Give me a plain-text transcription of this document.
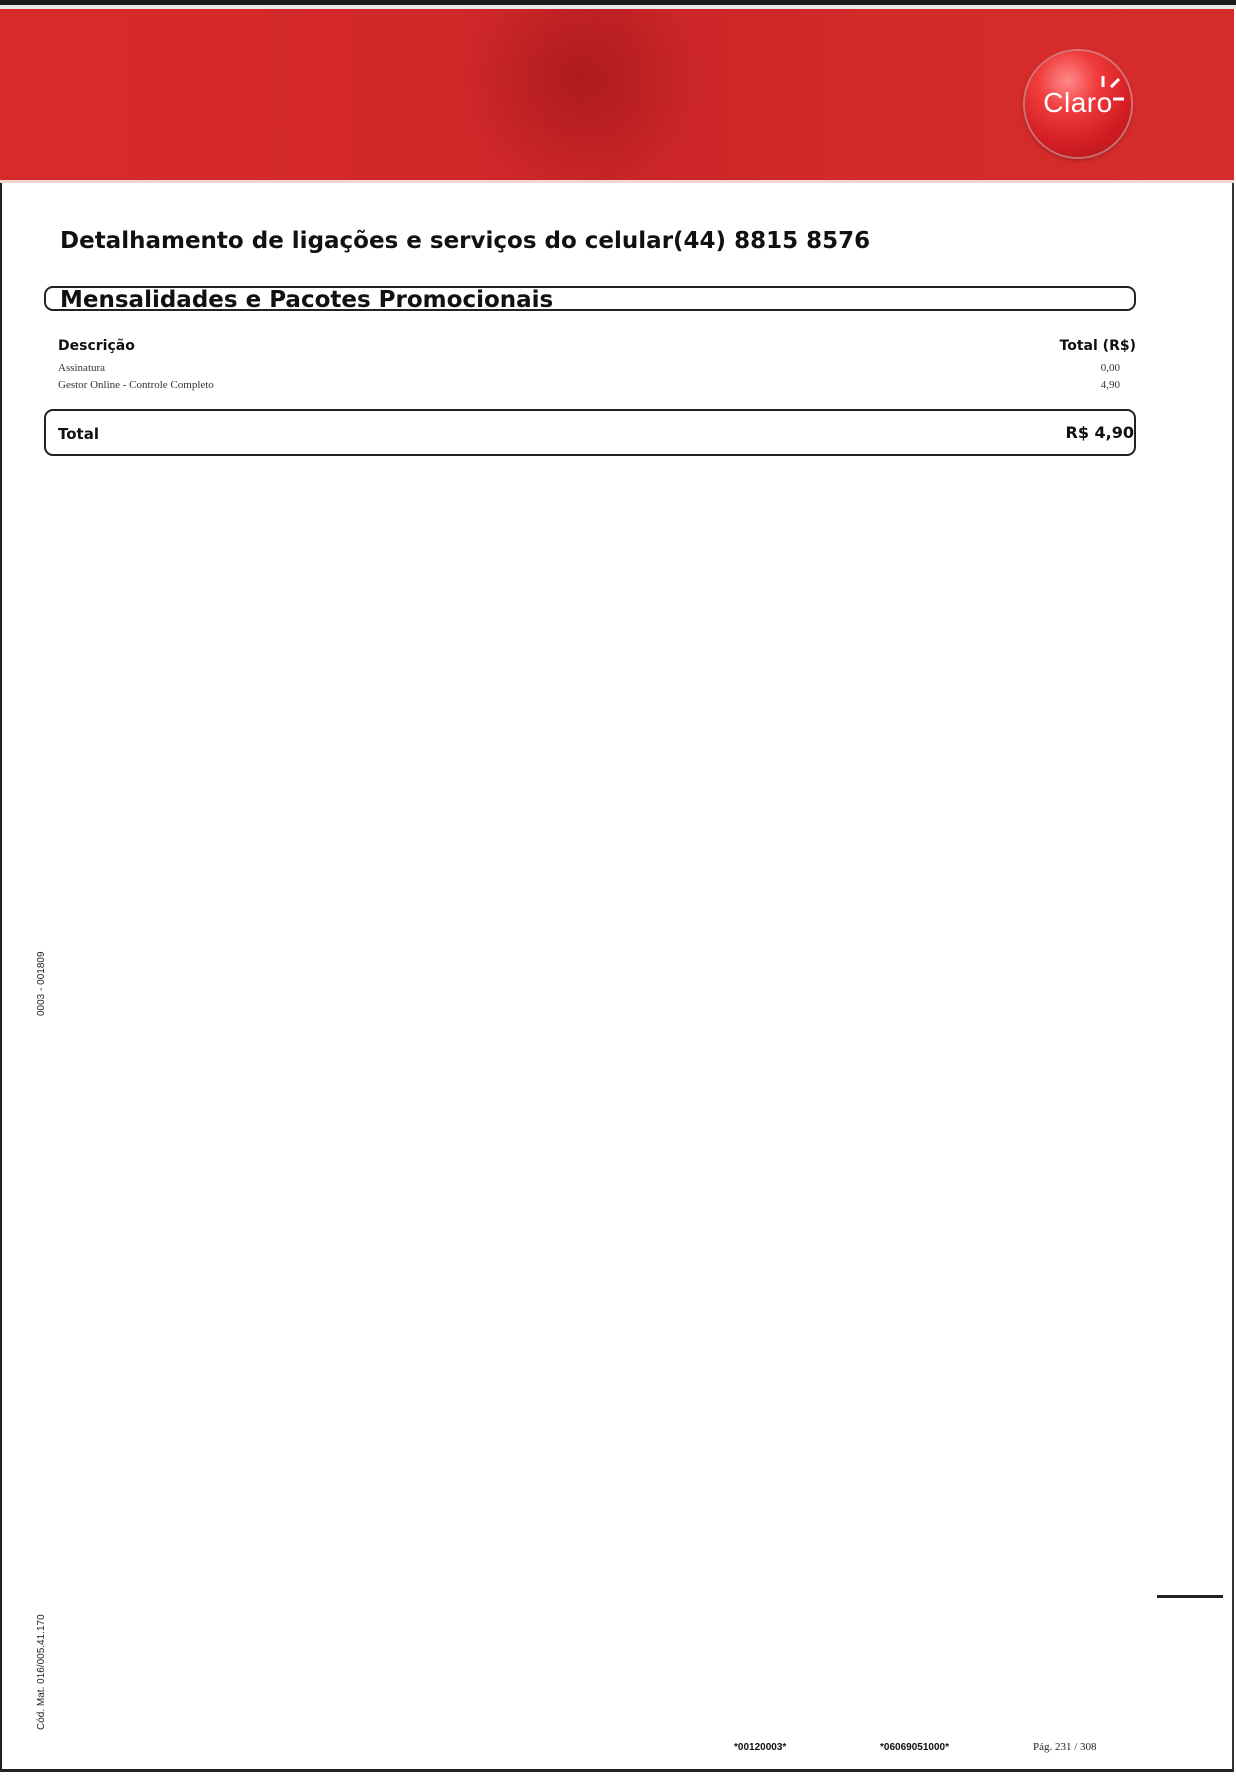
Claro
Detalhamento de ligações e serviços do celular(44) 8815 8576
Mensalidades e Pacotes Promocionais
Descrição	Total (R$)
Assinatura	0,00
Gestor Online - Controle Completo	4,90
Total	R$ 4,90
0003 - 001809
Cód. Mat. 016/005.41.170
*00120003*	*06069051000*	Pág. 231 / 308
